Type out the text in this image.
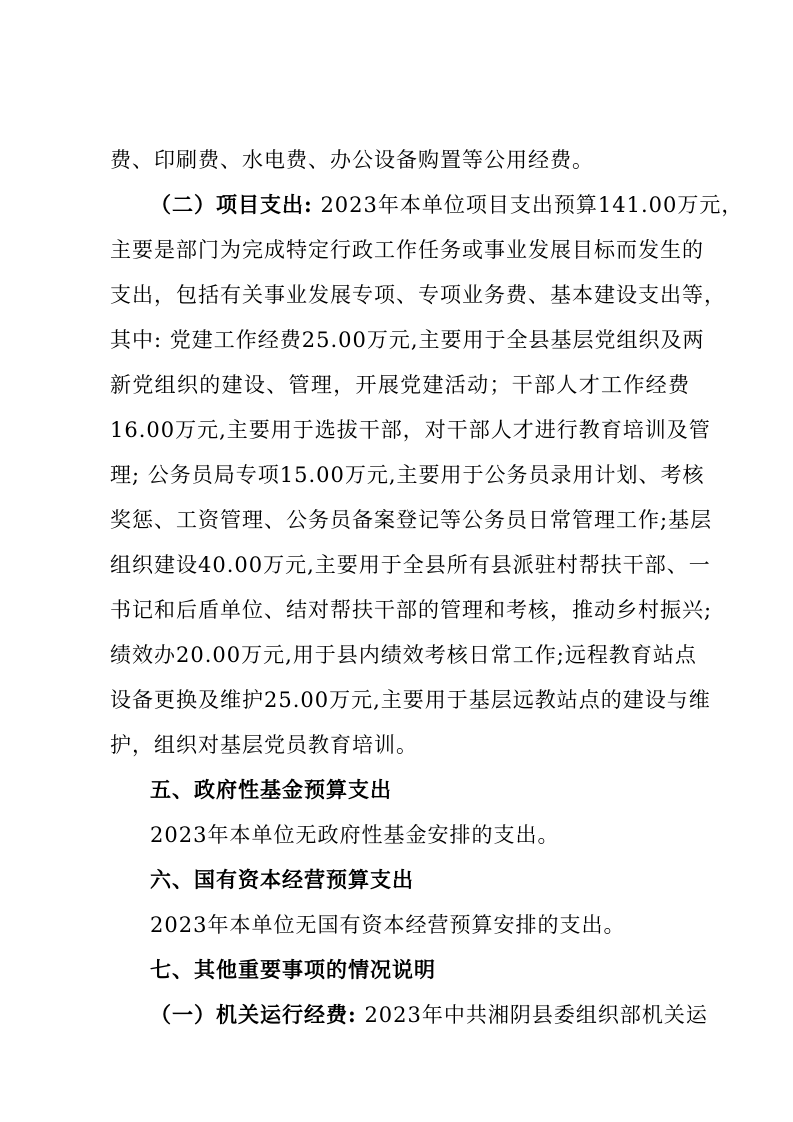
费、印刷费、水电费、办公设备购置等公用经费。
（二）项目支出: 2023年本单位项目支出预算141.00万元，
主要是部门为完成特定行政工作任务或事业发展目标而发生的
支出，包括有关事业发展专项、专项业务费、基本建设支出等，
其中: 党建工作经费25.00万元,主要用于全县基层党组织及两
新党组织的建设、管理，开展党建活动；干部人才工作经费
16.00万元,主要用于选拔干部，对干部人才进行教育培训及管
理; 公务员局专项15.00万元,主要用于公务员录用计划、考核
奖惩、工资管理、公务员备案登记等公务员日常管理工作;基层
组织建设40.00万元,主要用于全县所有县派驻村帮扶干部、一
书记和后盾单位、结对帮扶干部的管理和考核，推动乡村振兴;
绩效办20.00万元,用于县内绩效考核日常工作;远程教育站点
设备更换及维护25.00万元,主要用于基层远教站点的建设与维
护，组织对基层党员教育培训。
五、政府性基金预算支出
2023年本单位无政府性基金安排的支出。
六、国有资本经营预算支出
2023年本单位无国有资本经营预算安排的支出。
七、其他重要事项的情况说明
（一）机关运行经费: 2023年中共湘阴县委组织部机关运
